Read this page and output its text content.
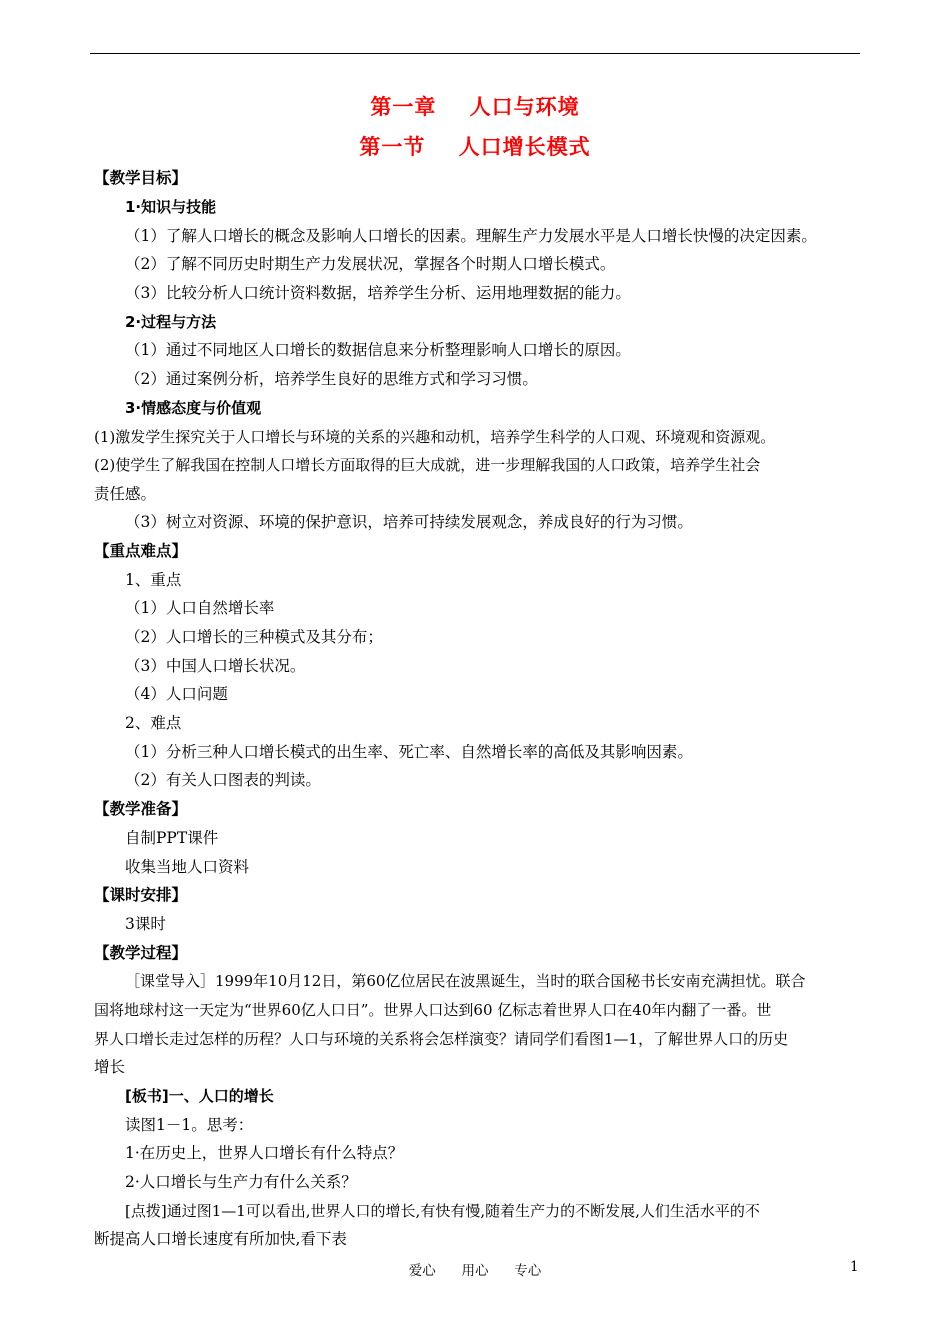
第一章    人口与环境
第一节    人口增长模式
【教学目标】
1·知识与技能
（1）了解人口增长的概念及影响人口增长的因素。理解生产力发展水平是人口增长快慢的决定因素。
（2）了解不同历史时期生产力发展状况，掌握各个时期人口增长模式。
（3）比较分析人口统计资料数据，培养学生分析、运用地理数据的能力。
2·过程与方法
（1）通过不同地区人口增长的数据信息来分析整理影响人口增长的原因。
（2）通过案例分析，培养学生良好的思维方式和学习习惯。
3·情感态度与价值观
(1)激发学生探究关于人口增长与环境的关系的兴趣和动机，培养学生科学的人口观、环境观和资源观。
(2)使学生了解我国在控制人口增长方面取得的巨大成就，进一步理解我国的人口政策，培养学生社会
责任感。
（3）树立对资源、环境的保护意识，培养可持续发展观念，养成良好的行为习惯。
【重点难点】
1、重点
（1）人口自然增长率
（2）人口增长的三种模式及其分布；
（3）中国人口增长状况。
（4）人口问题
2、难点
（1）分析三种人口增长模式的出生率、死亡率、自然增长率的高低及其影响因素。
（2）有关人口图表的判读。
【教学准备】
自制PPT课件
收集当地人口资料
【课时安排】
3课时
【教学过程】
［课堂导入］1999年10月12日，第60亿位居民在波黑诞生，当时的联合国秘书长安南充满担忧。联合
国将地球村这一天定为“世界60亿人口日”。世界人口达到60 亿标志着世界人口在40年内翻了一番。世
界人口增长走过怎样的历程？人口与环境的关系将会怎样演变？请同学们看图1—1，了解世界人口的历史
增长
[板书]一、人口的增长
读图1－1。思考：
1·在历史上，世界人口增长有什么特点？
2·人口增长与生产力有什么关系？
[点拨]通过图1—1可以看出,世界人口的增长,有快有慢,随着生产力的不断发展,人们生活水平的不
断提高人口增长速度有所加快,看下表
爱心      用心      专心	1
